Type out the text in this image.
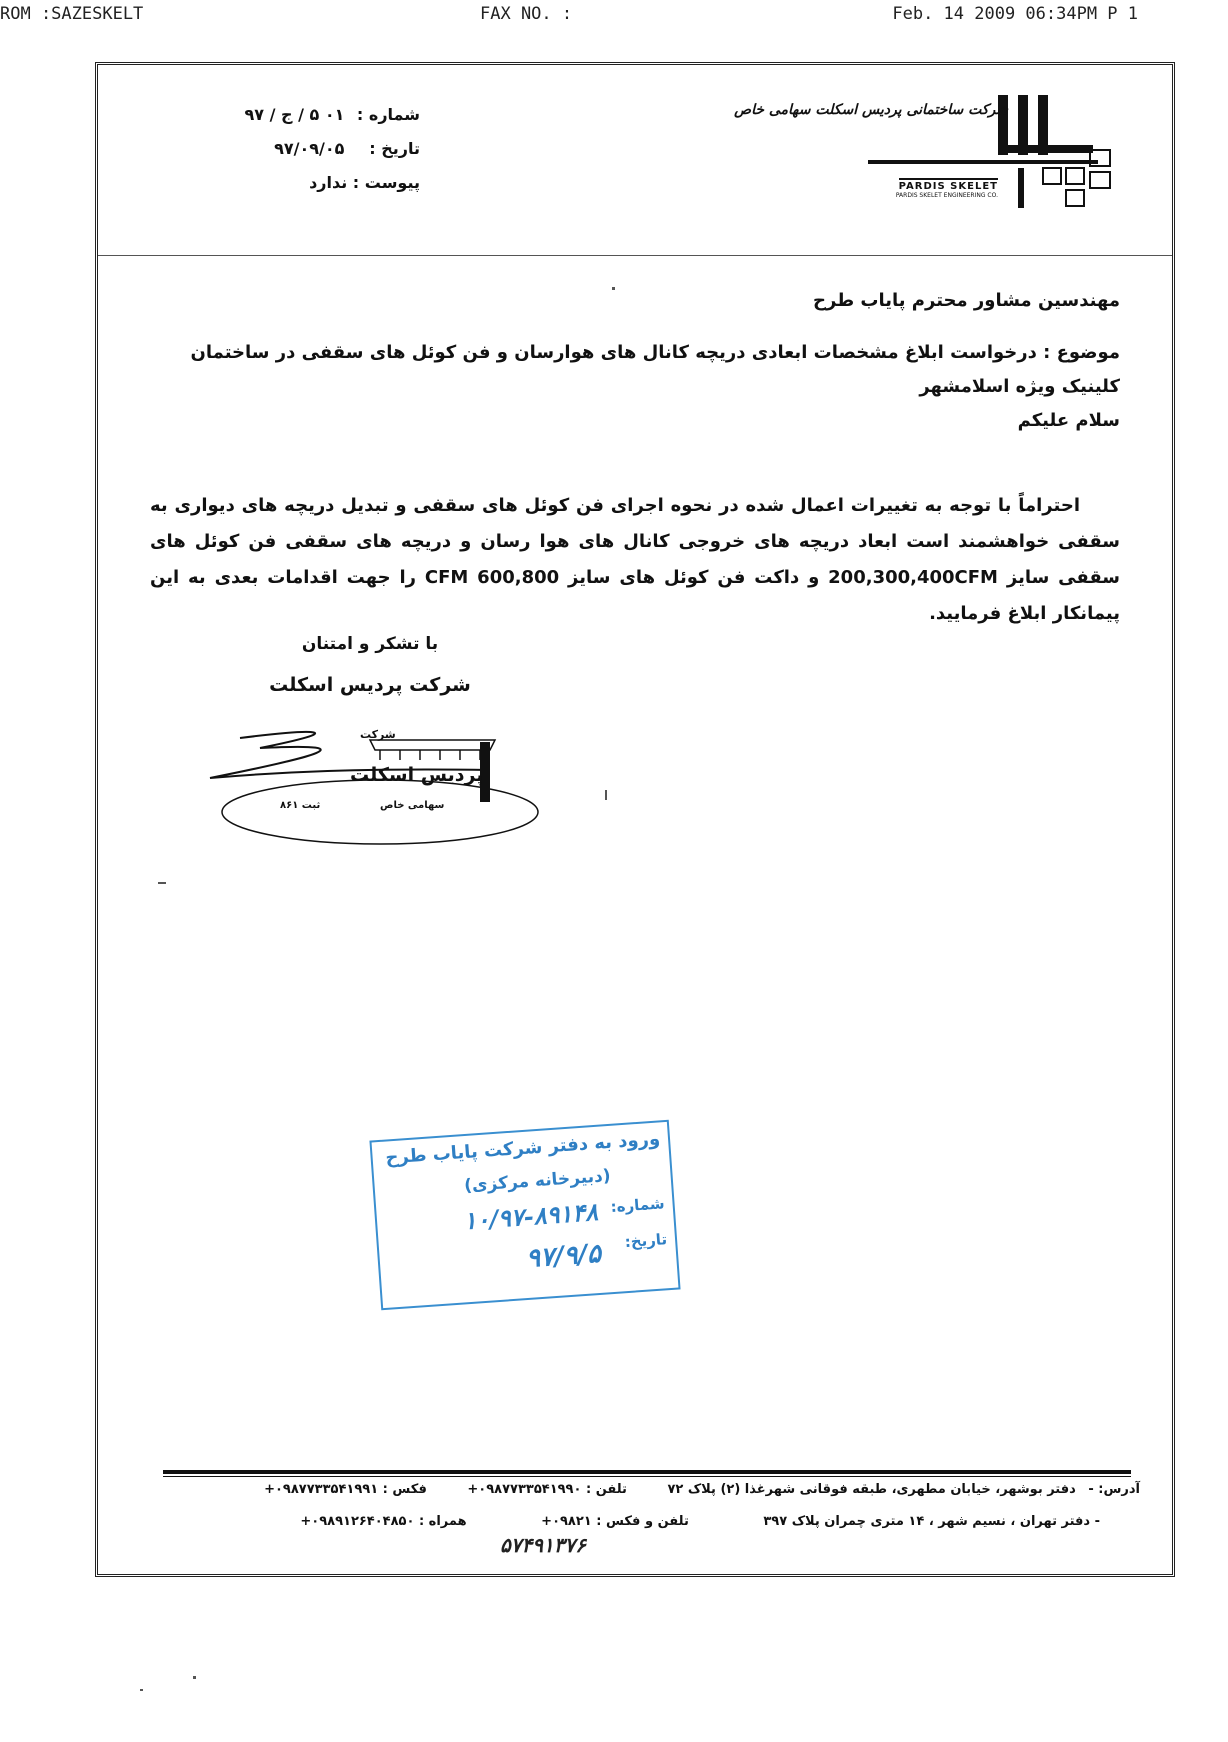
ROM :SAZESKELT	FAX NO. :	Feb. 14 2009 06:34PM P 1
شماره : ۰۱ ۵ / ج / ۹۷
تاریخ : ۹۷/۰۹/۰۵
پیوست : ندارد
شرکت ساختمانی پردیس اسکلت سهامی خاص
PARDIS SKELET
PARDIS SKELET ENGINEERING CO.
مهندسین مشاور محترم پایاب طرح
موضوع : درخواست ابلاغ مشخصات ابعادی دریچه کانال های هوارسان و فن کوئل های سقفی در ساختمان کلینیک ویژه اسلامشهر
سلام علیکم
احتراماً با توجه به تغییرات اعمال شده در نحوه اجرای فن کوئل های سقفی و تبدیل دریچه های دیواری به سقفی خواهشمند است ابعاد دریچه های خروجی کانال های هوا رسان و دریچه های سقفی فن کوئل های سقفی سایز 200,300,400CFM و داکت فن کوئل های سایز 600,800 CFM را جهت اقدامات بعدی به این پیمانکار ابلاغ فرمایید.
با تشکر و امتنان
شرکت پردیس اسکلت
شرکت
پردیس اسکلت
سهامی خاص
ثبت ۸۶۱
ورود به دفتر شرکت پایاب طرح
(دبیرخانه مرکزی)
شماره:
۱۰/۹۷-۸۹۱۴۸
تاریخ:
۹۷/۹/۵
آدرس: - دفتر بوشهر، خیابان مطهری، طبقه فوقانی شهرغذا (۲) پلاک ۷۲ تلفن : ۰۹۸۷۷۳۳۵۴۱۹۹۰+ فکس : ۰۹۸۷۷۳۳۵۴۱۹۹۱+
- دفتر تهران ، نسیم شهر ، ۱۴ متری چمران پلاک ۳۹۷ تلفن و فکس : ۰۹۸۲۱+ همراه : ۰۹۸۹۱۲۶۴۰۴۸۵۰+
۵۷۴۹۱۳۷۶
